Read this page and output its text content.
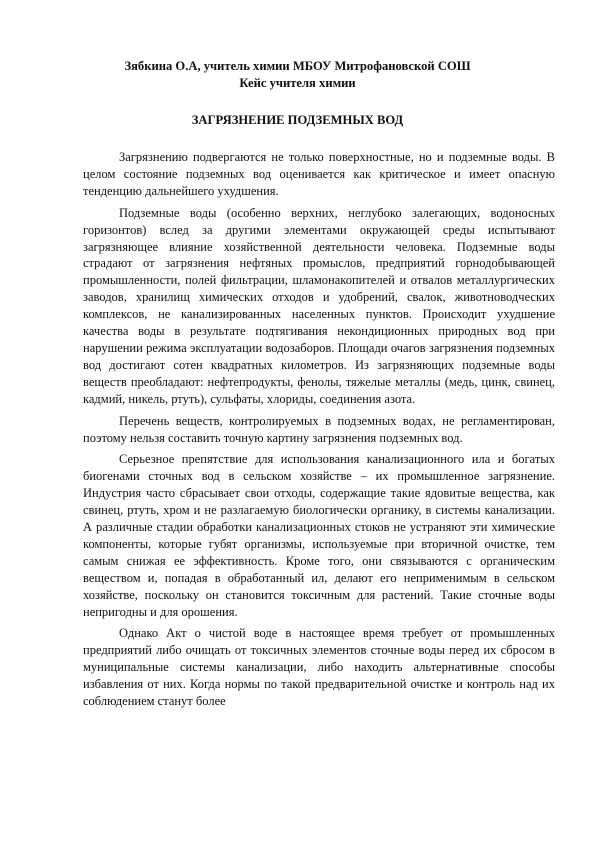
Зябкина О.А, учитель химии МБОУ Митрофановской СОШ
Кейс учителя химии
ЗАГРЯЗНЕНИЕ ПОДЗЕМНЫХ ВОД

Загрязнению подвергаются не только поверхностные, но и подземные воды. В целом состояние подземных вод оценивается как критическое и имеет опасную тенденцию дальнейшего ухудшения.

Подземные воды (особенно верхних, неглубоко залегающих, водоносных горизонтов) вслед за другими элементами окружающей среды испытывают загрязняющее влияние хозяйственной деятельности человека. Подземные воды страдают от загрязнения нефтяных промыслов, предприятий горнодобывающей промышленности, полей фильтрации, шламонакопителей и отвалов металлургических заводов, хранилищ химических отходов и удобрений, свалок, животноводческих комплексов, не канализированных населенных пунктов. Происходит ухудшение качества воды в результате подтягивания некондиционных природных вод при нарушении режима эксплуатации водозаборов. Площади очагов загрязнения подземных вод достигают сотен квадратных километров. Из загрязняющих подземные воды веществ преобладают: нефтепродукты, фенолы, тяжелые металлы (медь, цинк, свинец, кадмий, никель, ртуть), сульфаты, хлориды, соединения азота.

Перечень веществ, контролируемых в подземных водах, не регламентирован, поэтому нельзя составить точную картину загрязнения подземных вод.

Серьезное препятствие для использования канализационного ила и богатых биогенами сточных вод в сельском хозяйстве – их промышленное загрязнение. Индустрия часто сбрасывает свои отходы, содержащие такие ядовитые вещества, как свинец, ртуть, хром и не разлагаемую биологически органику, в системы канализации. А различные стадии обработки канализационных стоков не устраняют эти химические компоненты, которые губят организмы, используемые при вторичной очистке, тем самым снижая ее эффективность. Кроме того, они связываются с органическим веществом и, попадая в обработанный ил, делают его неприменимым в сельском хозяйстве, поскольку он становится токсичным для растений. Такие сточные воды непригодны и для орошения.

Однако Акт о чистой воде в настоящее время требует от промышленных предприятий либо очищать от токсичных элементов сточные воды перед их сбросом в муниципальные системы канализации, либо находить альтернативные способы избавления от них. Когда нормы по такой предварительной очистке и контроль над их соблюдением станут более
